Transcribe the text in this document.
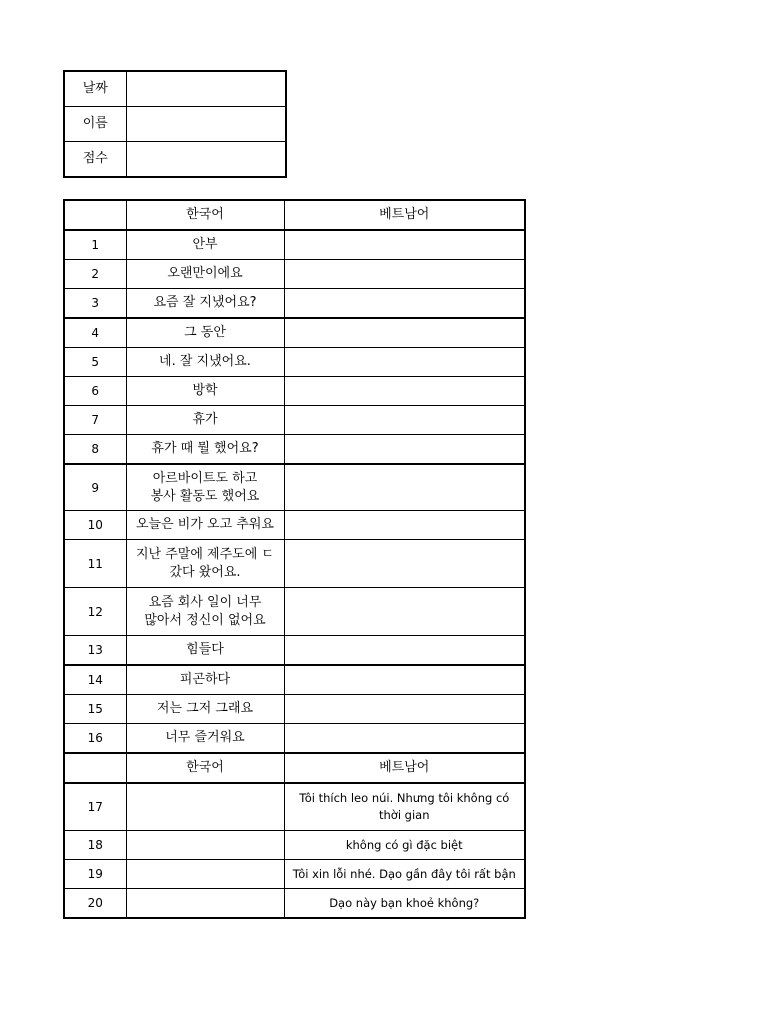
날짜	
이름	
점수	
	한국어	베트남어
1	안부	
2	오랜만이에요	
3	요즘 잘 지냈어요?	
4	그 동안	
5	네. 잘 지냈어요.	
6	방학	
7	휴가	
8	휴가 때 뭘 했어요?	
9	아르바이트도 하고
봉사 활동도 했어요	

10	오늘은 비가 오고 추워요	
11	지난 주말에 제주도에 ㄷ
갔다 왔어요.	

12	요즘 회사 일이 너무
많아서 정신이 없어요	

13	힘들다	
14	피곤하다	
15	저는 그저 그래요	
16	너무 즐거워요	
	한국어	베트남어
17		Tôi thích leo núi. Nhưng tôi không có
thời gian

18		không có gì đặc biệt
19		Tôi xin lỗi nhé. Dạo gần đây tôi rất bận
20		Dạo này bạn khoẻ không?
